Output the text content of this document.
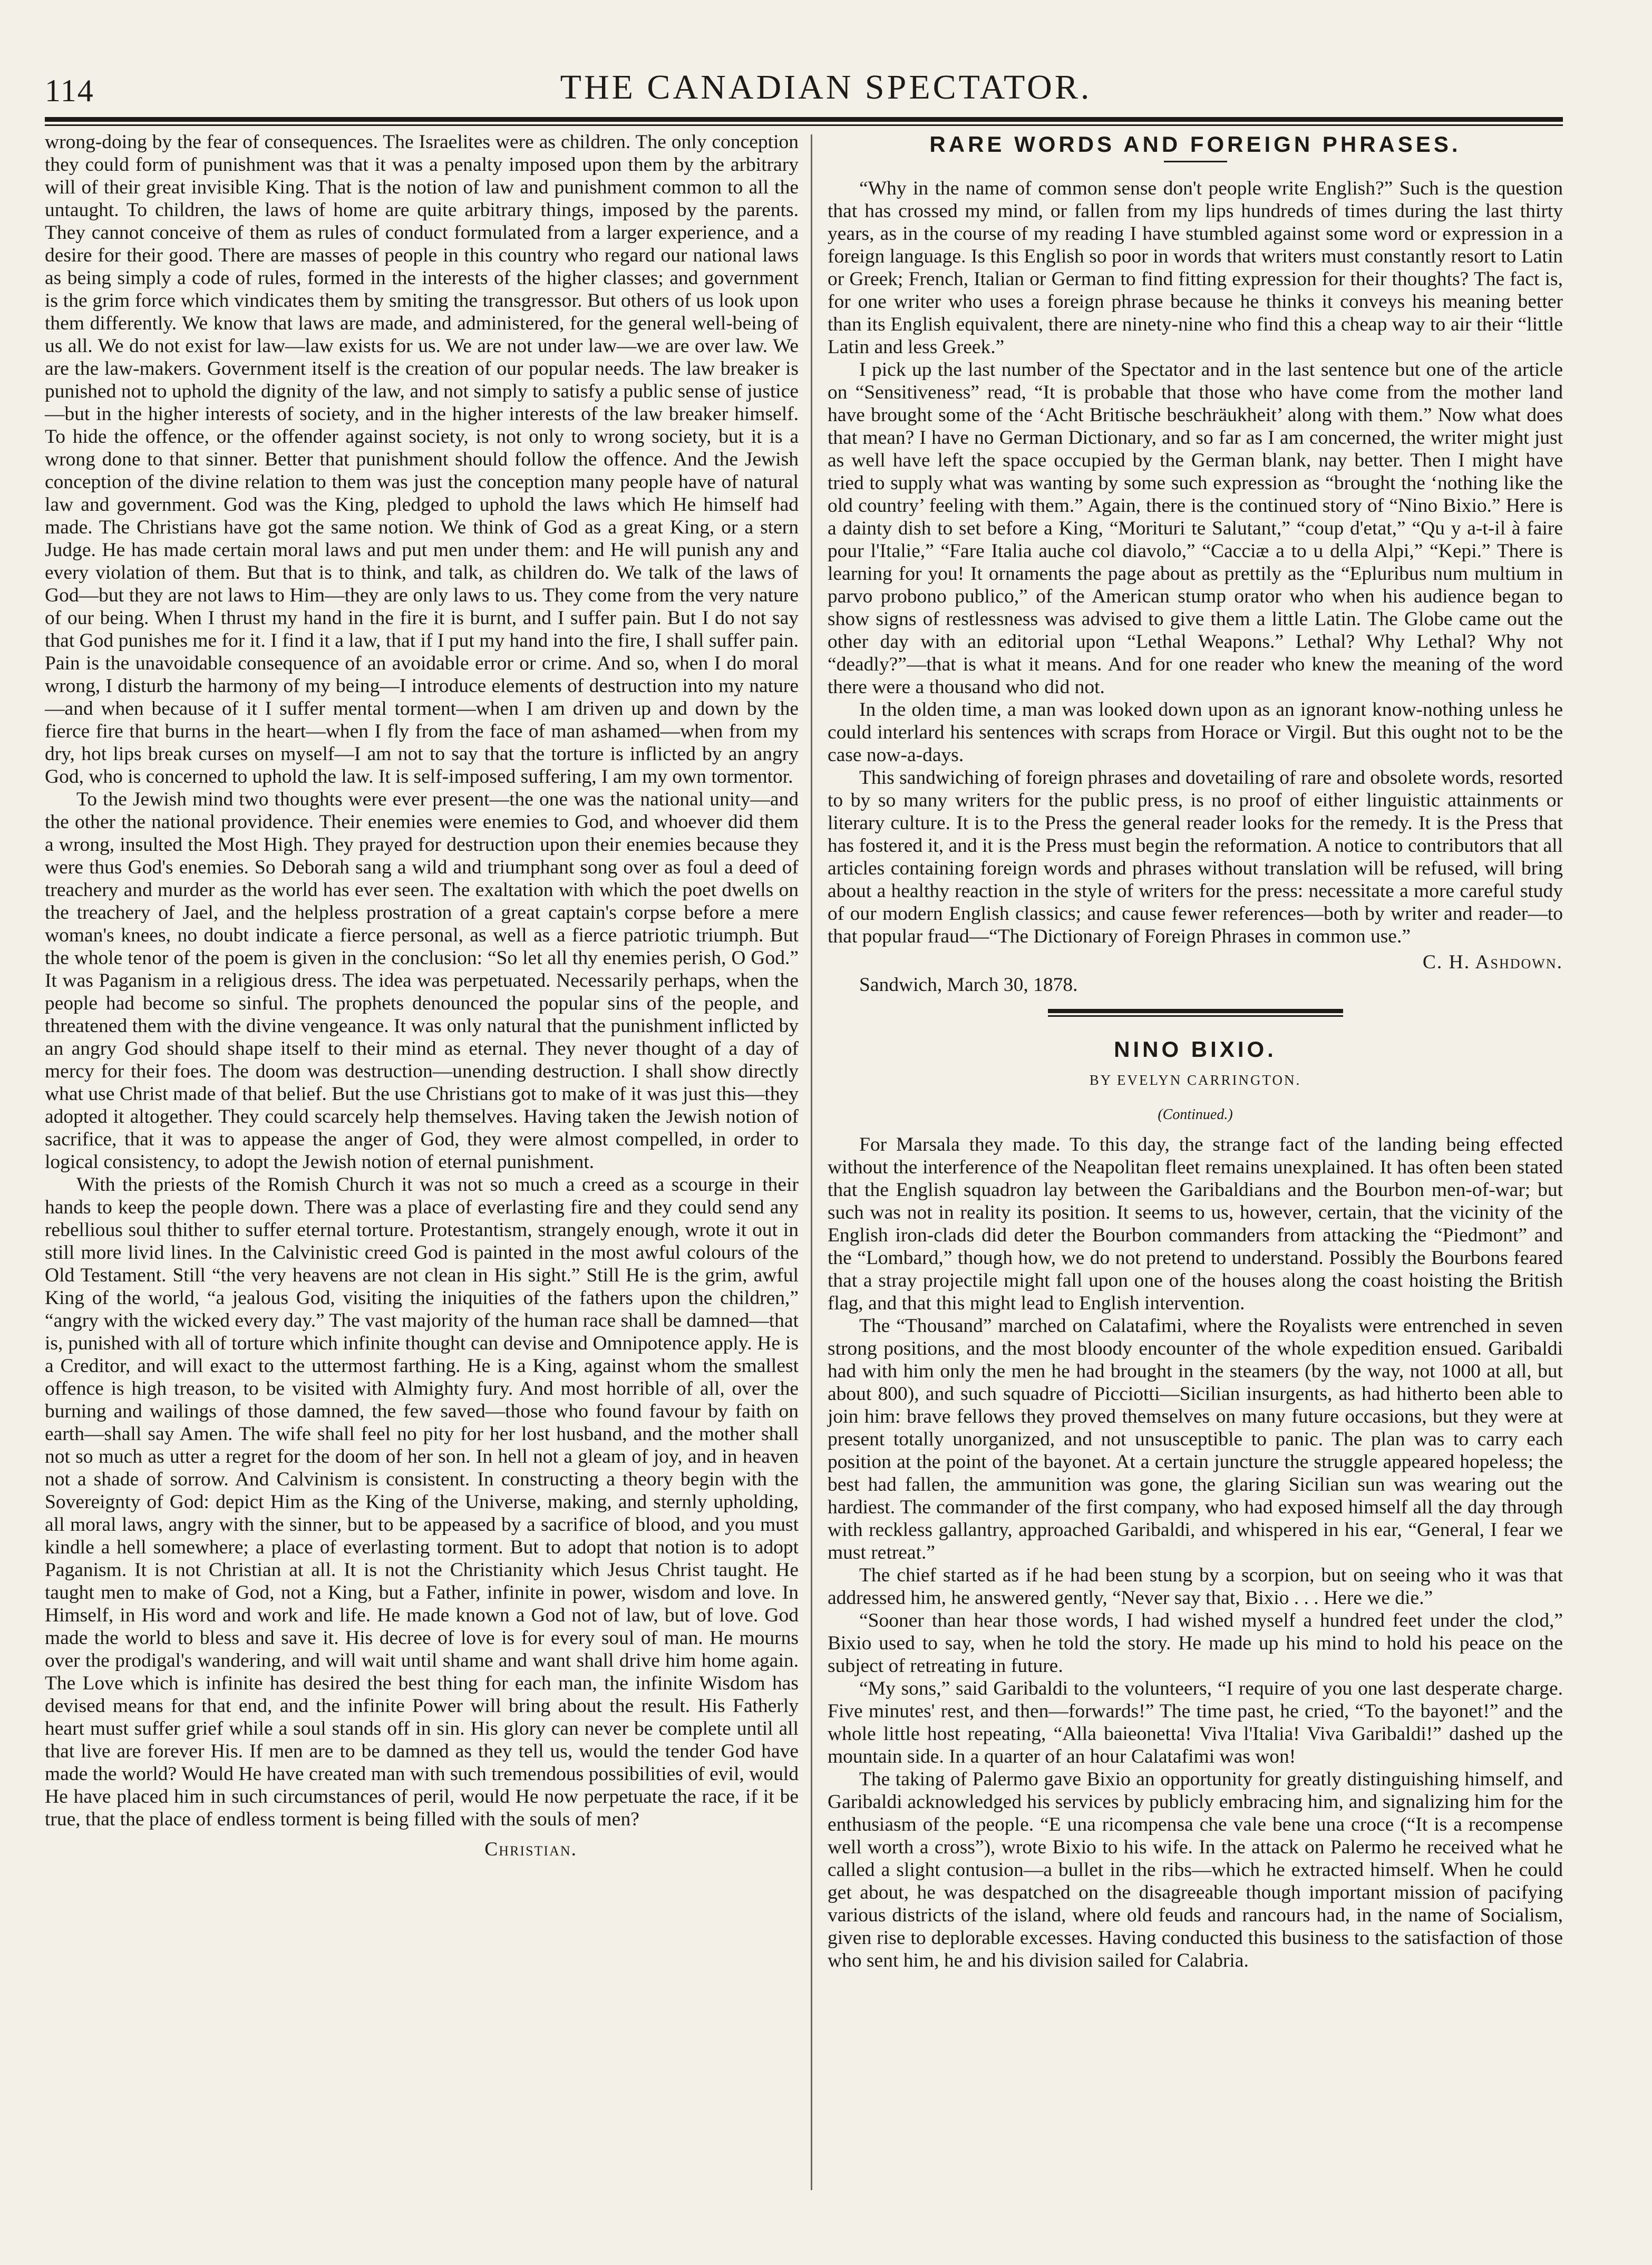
114	THE CANADIAN SPECTATOR.

wrong-doing by the fear of consequences. The Israelites were as children. The only conception they could form of punishment was that it was a penalty imposed upon them by the arbitrary will of their great invisible King. That is the notion of law and punishment common to all the untaught. To children, the laws of home are quite arbitrary things, imposed by the parents. They cannot conceive of them as rules of conduct formulated from a larger experience, and a desire for their good. There are masses of people in this country who regard our national laws as being simply a code of rules, formed in the interests of the higher classes; and government is the grim force which vindicates them by smiting the transgressor. But others of us look upon them differently. We know that laws are made, and administered, for the general well-being of us all. We do not exist for law—law exists for us. We are not under law—we are over law. We are the law-makers. Government itself is the creation of our popular needs. The law breaker is punished not to uphold the dignity of the law, and not simply to satisfy a public sense of justice—but in the higher interests of society, and in the higher interests of the law breaker himself. To hide the offence, or the offender against society, is not only to wrong society, but it is a wrong done to that sinner. Better that punishment should follow the offence. And the Jewish conception of the divine relation to them was just the conception many people have of natural law and government. God was the King, pledged to uphold the laws which He himself had made. The Christians have got the same notion. We think of God as a great King, or a stern Judge. He has made certain moral laws and put men under them: and He will punish any and every violation of them. But that is to think, and talk, as children do. We talk of the laws of God—but they are not laws to Him—they are only laws to us. They come from the very nature of our being. When I thrust my hand in the fire it is burnt, and I suffer pain. But I do not say that God punishes me for it. I find it a law, that if I put my hand into the fire, I shall suffer pain. Pain is the unavoidable consequence of an avoidable error or crime. And so, when I do moral wrong, I disturb the harmony of my being—I introduce elements of destruction into my nature—and when because of it I suffer mental torment—when I am driven up and down by the fierce fire that burns in the heart—when I fly from the face of man ashamed—when from my dry, hot lips break curses on myself—I am not to say that the torture is inflicted by an angry God, who is concerned to uphold the law. It is self-imposed suffering, I am my own tormentor.

To the Jewish mind two thoughts were ever present—the one was the national unity—and the other the national providence. Their enemies were enemies to God, and whoever did them a wrong, insulted the Most High. They prayed for destruction upon their enemies because they were thus God's enemies. So Deborah sang a wild and triumphant song over as foul a deed of treachery and murder as the world has ever seen. The exaltation with which the poet dwells on the treachery of Jael, and the helpless prostration of a great captain's corpse before a mere woman's knees, no doubt indicate a fierce personal, as well as a fierce patriotic triumph. But the whole tenor of the poem is given in the conclusion: “So let all thy enemies perish, O God.” It was Paganism in a religious dress. The idea was perpetuated. Necessarily perhaps, when the people had become so sinful. The prophets denounced the popular sins of the people, and threatened them with the divine vengeance. It was only natural that the punishment inflicted by an angry God should shape itself to their mind as eternal. They never thought of a day of mercy for their foes. The doom was destruction—unending destruction. I shall show directly what use Christ made of that belief. But the use Christians got to make of it was just this—they adopted it altogether. They could scarcely help themselves. Having taken the Jewish notion of sacrifice, that it was to appease the anger of God, they were almost compelled, in order to logical consistency, to adopt the Jewish notion of eternal punishment.

With the priests of the Romish Church it was not so much a creed as a scourge in their hands to keep the people down. There was a place of everlasting fire and they could send any rebellious soul thither to suffer eternal torture. Protestantism, strangely enough, wrote it out in still more livid lines. In the Calvinistic creed God is painted in the most awful colours of the Old Testament. Still “the very heavens are not clean in His sight.” Still He is the grim, awful King of the world, “a jealous God, visiting the iniquities of the fathers upon the children,” “angry with the wicked every day.” The vast majority of the human race shall be damned—that is, punished with all of torture which infinite thought can devise and Omnipotence apply. He is a Creditor, and will exact to the uttermost farthing. He is a King, against whom the smallest offence is high treason, to be visited with Almighty fury. And most horrible of all, over the burning and wailings of those damned, the few saved—those who found favour by faith on earth—shall say Amen. The wife shall feel no pity for her lost husband, and the mother shall not so much as utter a regret for the doom of her son. In hell not a gleam of joy, and in heaven not a shade of sorrow. And Calvinism is consistent. In constructing a theory begin with the Sovereignty of God: depict Him as the King of the Universe, making, and sternly upholding, all moral laws, angry with the sinner, but to be appeased by a sacrifice of blood, and you must kindle a hell somewhere; a place of everlasting torment. But to adopt that notion is to adopt Paganism. It is not Christian at all. It is not the Christianity which Jesus Christ taught. He taught men to make of God, not a King, but a Father, infinite in power, wisdom and love. In Himself, in His word and work and life. He made known a God not of law, but of love. God made the world to bless and save it. His decree of love is for every soul of man. He mourns over the prodigal's wandering, and will wait until shame and want shall drive him home again. The Love which is infinite has desired the best thing for each man, the infinite Wisdom has devised means for that end, and the infinite Power will bring about the result. His Fatherly heart must suffer grief while a soul stands off in sin. His glory can never be complete until all that live are forever His. If men are to be damned as they tell us, would the tender God have made the world? Would He have created man with such tremendous possibilities of evil, would He have placed him in such circumstances of peril, would He now perpetuate the race, if it be true, that the place of endless torment is being filled with the souls of men?

Christian.

RARE WORDS AND FOREIGN PHRASES.

“Why in the name of common sense don't people write English?” Such is the question that has crossed my mind, or fallen from my lips hundreds of times during the last thirty years, as in the course of my reading I have stumbled against some word or expression in a foreign language. Is this English so poor in words that writers must constantly resort to Latin or Greek; French, Italian or German to find fitting expression for their thoughts? The fact is, for one writer who uses a foreign phrase because he thinks it conveys his meaning better than its English equivalent, there are ninety-nine who find this a cheap way to air their “little Latin and less Greek.”

I pick up the last number of the Spectator and in the last sentence but one of the article on “Sensitiveness” read, “It is probable that those who have come from the mother land have brought some of the ‘Acht Britische beschräukheit’ along with them.” Now what does that mean? I have no German Dictionary, and so far as I am concerned, the writer might just as well have left the space occupied by the German blank, nay better. Then I might have tried to supply what was wanting by some such expression as “brought the ‘nothing like the old country’ feeling with them.” Again, there is the continued story of “Nino Bixio.” Here is a dainty dish to set before a King, “Morituri te Salutant,” “coup d'etat,” “Qu y a-t-il à faire pour l'Italie,” “Fare Italia auche col diavolo,” “Cacciæ a to u della Alpi,” “Kepi.” There is learning for you! It ornaments the page about as prettily as the “Epluribus num multium in parvo probono publico,” of the American stump orator who when his audience began to show signs of restlessness was advised to give them a little Latin. The Globe came out the other day with an editorial upon “Lethal Weapons.” Lethal? Why Lethal? Why not “deadly?”—that is what it means. And for one reader who knew the meaning of the word there were a thousand who did not.

In the olden time, a man was looked down upon as an ignorant know-nothing unless he could interlard his sentences with scraps from Horace or Virgil. But this ought not to be the case now-a-days.

This sandwiching of foreign phrases and dovetailing of rare and obsolete words, resorted to by so many writers for the public press, is no proof of either linguistic attainments or literary culture. It is to the Press the general reader looks for the remedy. It is the Press that has fostered it, and it is the Press must begin the reformation. A notice to contributors that all articles containing foreign words and phrases without translation will be refused, will bring about a healthy reaction in the style of writers for the press: necessitate a more careful study of our modern English classics; and cause fewer references—both by writer and reader—to that popular fraud—“The Dictionary of Foreign Phrases in common use.”

C. H. Ashdown.

Sandwich, March 30, 1878.

NINO BIXIO.
BY EVELYN CARRINGTON.
(Continued.)

For Marsala they made. To this day, the strange fact of the landing being effected without the interference of the Neapolitan fleet remains unexplained. It has often been stated that the English squadron lay between the Garibaldians and the Bourbon men-of-war; but such was not in reality its position. It seems to us, however, certain, that the vicinity of the English iron-clads did deter the Bourbon commanders from attacking the “Piedmont” and the “Lombard,” though how, we do not pretend to understand. Possibly the Bourbons feared that a stray projectile might fall upon one of the houses along the coast hoisting the British flag, and that this might lead to English intervention.

The “Thousand” marched on Calatafimi, where the Royalists were entrenched in seven strong positions, and the most bloody encounter of the whole expedition ensued. Garibaldi had with him only the men he had brought in the steamers (by the way, not 1000 at all, but about 800), and such squadre of Picciotti—Sicilian insurgents, as had hitherto been able to join him: brave fellows they proved themselves on many future occasions, but they were at present totally unorganized, and not unsusceptible to panic. The plan was to carry each position at the point of the bayonet. At a certain juncture the struggle appeared hopeless; the best had fallen, the ammunition was gone, the glaring Sicilian sun was wearing out the hardiest. The commander of the first company, who had exposed himself all the day through with reckless gallantry, approached Garibaldi, and whispered in his ear, “General, I fear we must retreat.”

The chief started as if he had been stung by a scorpion, but on seeing who it was that addressed him, he answered gently, “Never say that, Bixio . . . Here we die.”

“Sooner than hear those words, I had wished myself a hundred feet under the clod,” Bixio used to say, when he told the story. He made up his mind to hold his peace on the subject of retreating in future.

“My sons,” said Garibaldi to the volunteers, “I require of you one last desperate charge. Five minutes' rest, and then—forwards!” The time past, he cried, “To the bayonet!” and the whole little host repeating, “Alla baieonetta! Viva l'Italia! Viva Garibaldi!” dashed up the mountain side. In a quarter of an hour Calatafimi was won!

The taking of Palermo gave Bixio an opportunity for greatly distinguishing himself, and Garibaldi acknowledged his services by publicly embracing him, and signalizing him for the enthusiasm of the people. “E una ricompensa che vale bene una croce (“It is a recompense well worth a cross”), wrote Bixio to his wife. In the attack on Palermo he received what he called a slight contusion—a bullet in the ribs—which he extracted himself. When he could get about, he was despatched on the disagreeable though important mission of pacifying various districts of the island, where old feuds and rancours had, in the name of Socialism, given rise to deplorable excesses. Having conducted this business to the satisfaction of those who sent him, he and his division sailed for Calabria.
